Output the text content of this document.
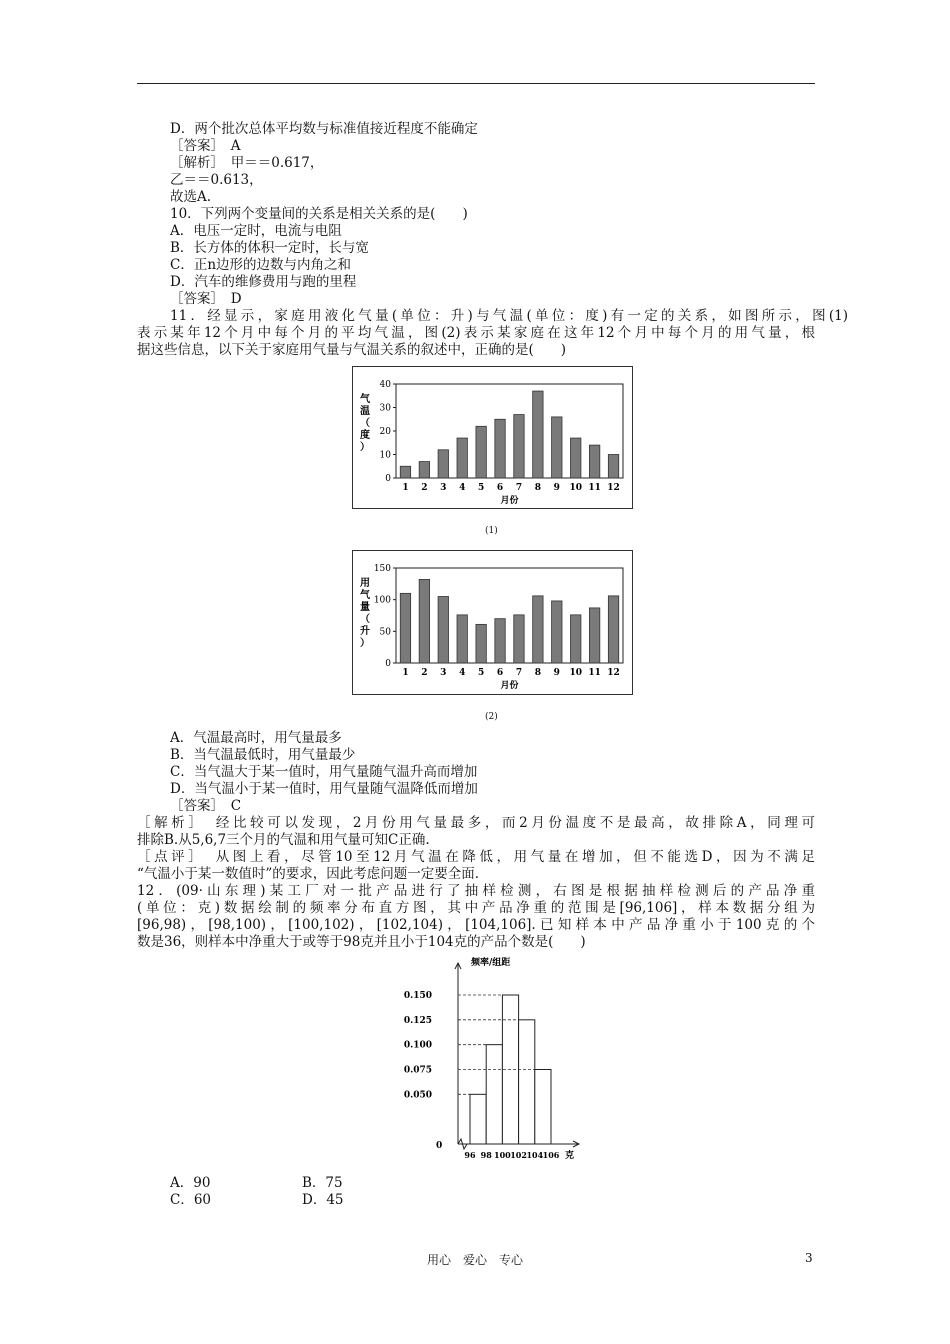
D．两个批次总体平均数与标准值接近程度不能确定
［答案］　A
［解析］　甲＝＝0.617，
乙＝＝0.613，
故选A.
10．下列两个变量间的关系是相关关系的是(　　)
A．电压一定时，电流与电阻
B．长方体的体积一定时，长与宽
C．正n边形的边数与内角之和
D．汽车的维修费用与跑的里程
［答案］　D
11．经显示，家庭用液化气量(单位：升)与气温(单位：度)有一定的关系，如图所示，图(1)
表示某年12个月中每个月的平均气温，图(2)表示某家庭在这年12个月中每个月的用气量，根
据这些信息，以下关于家庭用气量与气温关系的叙述中，正确的是(　　)
A．气温最高时，用气量最多
B．当气温最低时，用气量最少
C．当气温大于某一值时，用气量随气温升高而增加
D．当气温小于某一值时，用气量随气温降低而增加
［答案］　C
［解析］　经比较可以发现，2月份用气量最多，而2月份温度不是最高，故排除A，同理可
排除B.从5,6,7三个月的气温和用气量可知C正确.
［点评］　从图上看，尽管10至12月气温在降低，用气量在增加，但不能选D，因为不满足
“气温小于某一数值时”的要求，因此考虑问题一定要全面.
12．(09·山东理)某工厂对一批产品进行了抽样检测，右图是根据抽样检测后的产品净重
(单位：克)数据绘制的频率分布直方图，其中产品净重的范围是[96,106]，样本数据分组为
[96,98)，[98,100)，[100,102)，[102,104)，[104,106].已知样本中产品净重小于100克的个
数是36，则样本中净重大于或等于98克并且小于104克的产品个数是(　　)
0
10
20
30
40
1 2 3 4 5 6 7 8 9 10 11 12
月份
气
温
（
度
）
(1)
0
50
100
150
1 2 3 4 5 6 7 8 9 10 11 12
月份
用
气
量
（
升
）
(2)
频率/组距
0
0.050
0.075
0.100
0.125
0.150
96 98 100 102 104 106 克
A．90	B．75
C．60	D．45
用心　爱心　专心	3
